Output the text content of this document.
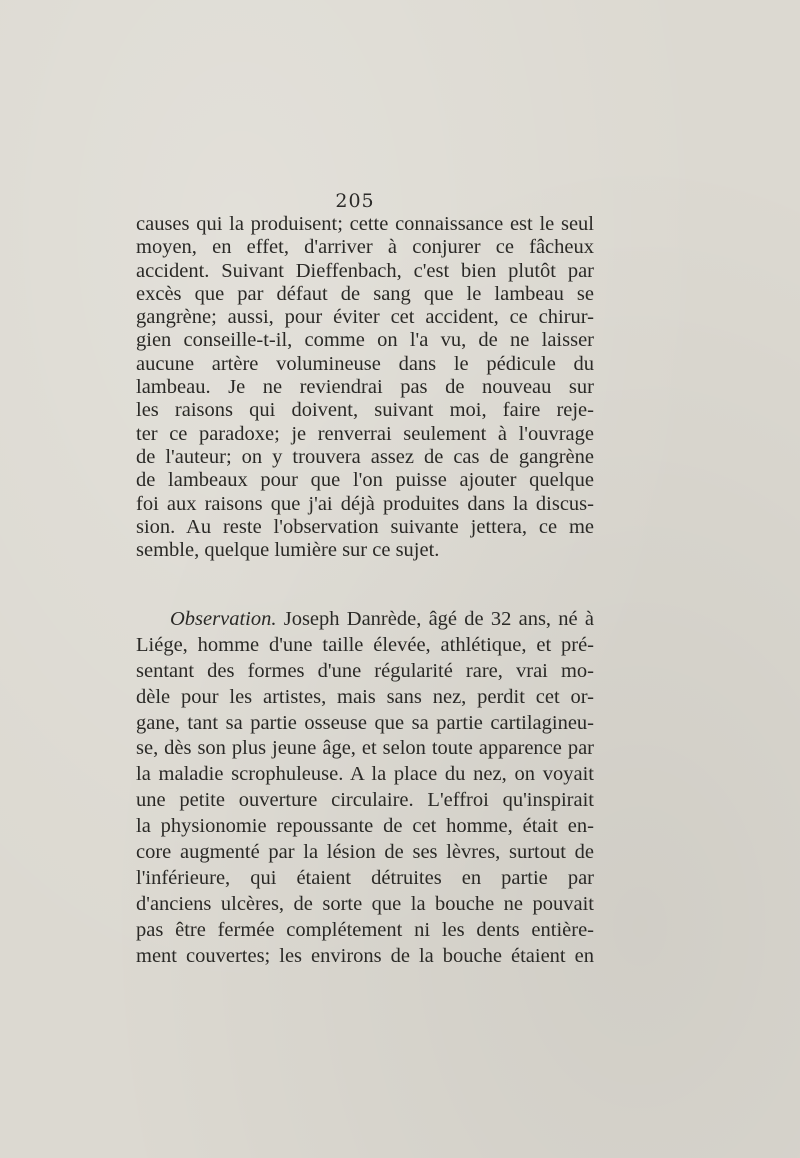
205
causes qui la produisent; cette connaissance est le seul
moyen, en effet, d'arriver à conjurer ce fâcheux
accident. Suivant Dieffenbach, c'est bien plutôt par
excès que par défaut de sang que le lambeau se
gangrène; aussi, pour éviter cet accident, ce chirur-
gien conseille-t-il, comme on l'a vu, de ne laisser
aucune artère volumineuse dans le pédicule du
lambeau. Je ne reviendrai pas de nouveau sur
les raisons qui doivent, suivant moi, faire reje-
ter ce paradoxe; je renverrai seulement à l'ouvrage
de l'auteur; on y trouvera assez de cas de gangrène
de lambeaux pour que l'on puisse ajouter quelque
foi aux raisons que j'ai déjà produites dans la discus-
sion. Au reste l'observation suivante jettera, ce me
semble, quelque lumière sur ce sujet.
Observation. Joseph Danrède, âgé de 32 ans, né à
Liége, homme d'une taille élevée, athlétique, et pré-
sentant des formes d'une régularité rare, vrai mo-
dèle pour les artistes, mais sans nez, perdit cet or-
gane, tant sa partie osseuse que sa partie cartilagineu-
se, dès son plus jeune âge, et selon toute apparence par
la maladie scrophuleuse. A la place du nez, on voyait
une petite ouverture circulaire. L'effroi qu'inspirait
la physionomie repoussante de cet homme, était en-
core augmenté par la lésion de ses lèvres, surtout de
l'inférieure, qui étaient détruites en partie par
d'anciens ulcères, de sorte que la bouche ne pouvait
pas être fermée complétement ni les dents entière-
ment couvertes; les environs de la bouche étaient en
